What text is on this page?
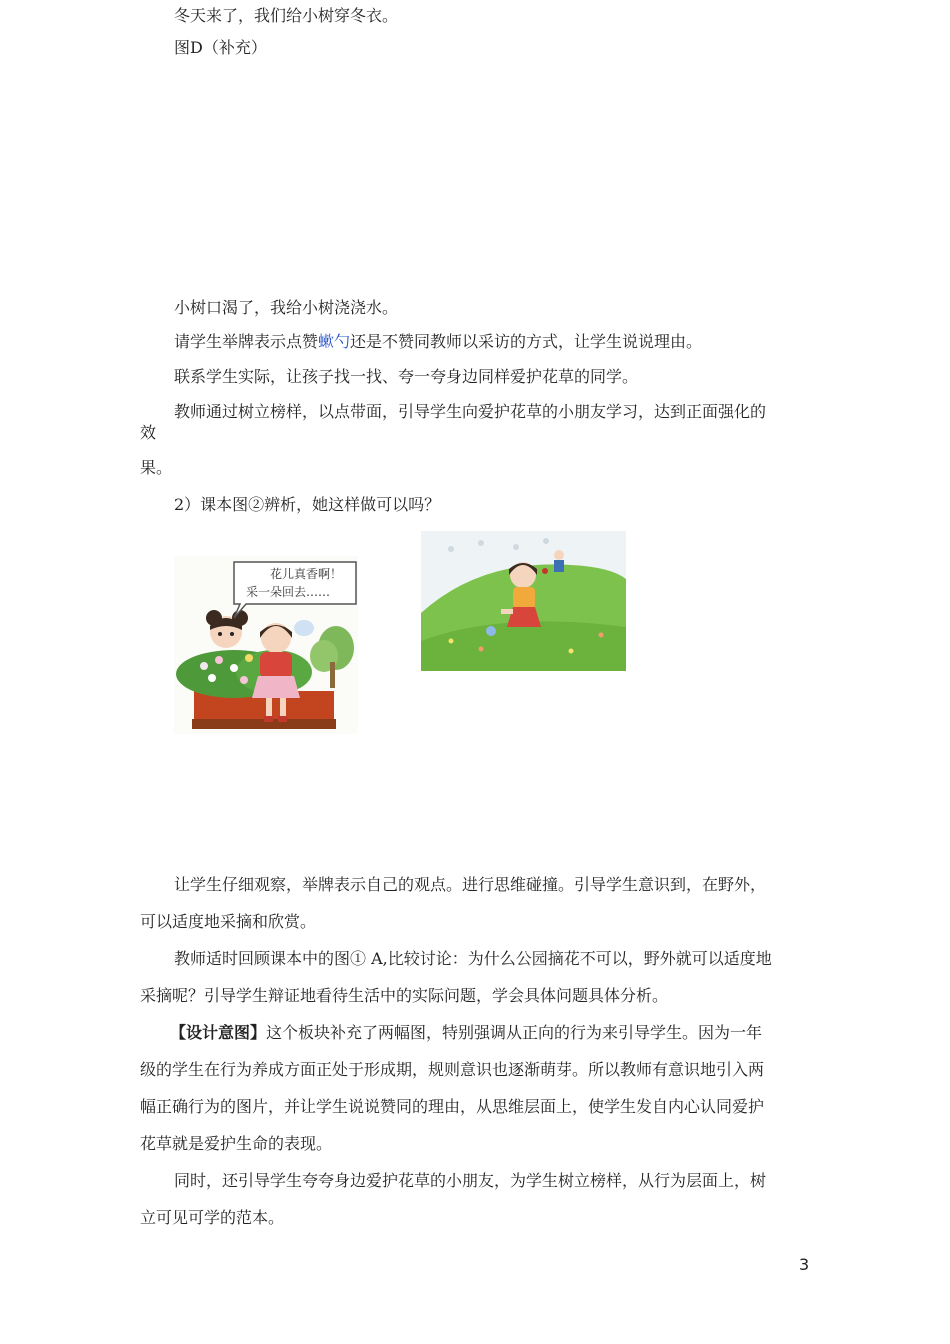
冬天来了，我们给小树穿冬衣。
图D（补充）
小树口渴了，我给小树浇浇水。
请学生举牌表示点赞𧐁勺还是不赞同教师以采访的方式，让学生说说理由。
联系学生实际，让孩子找一找、夸一夸身边同样爱护花草的同学。
教师通过树立榜样，以点带面，引导学生向爱护花草的小朋友学习，达到正面强化的
效
果。
2）课本图②辨析，她这样做可以吗？
花儿真香啊！
采一朵回去……
让学生仔细观察，举牌表示自己的观点。进行思维碰撞。引导学生意识到，在野外，
可以适度地采摘和欣赏。
教师适时回顾课本中的图① A,比较讨论：为什么公园摘花不可以，野外就可以适度地
采摘呢？引导学生辩证地看待生活中的实际问题，学会具体问题具体分析。
【设计意图】这个板块补充了两幅图，特别强调从正向的行为来引导学生。因为一年
级的学生在行为养成方面正处于形成期，规则意识也逐渐萌芽。所以教师有意识地引入两
幅正确行为的图片，并让学生说说赞同的理由，从思维层面上，使学生发自内心认同爱护
花草就是爱护生命的表现。
同时，还引导学生夸夸身边爱护花草的小朋友，为学生树立榜样，从行为层面上，树
立可见可学的范本。
3
